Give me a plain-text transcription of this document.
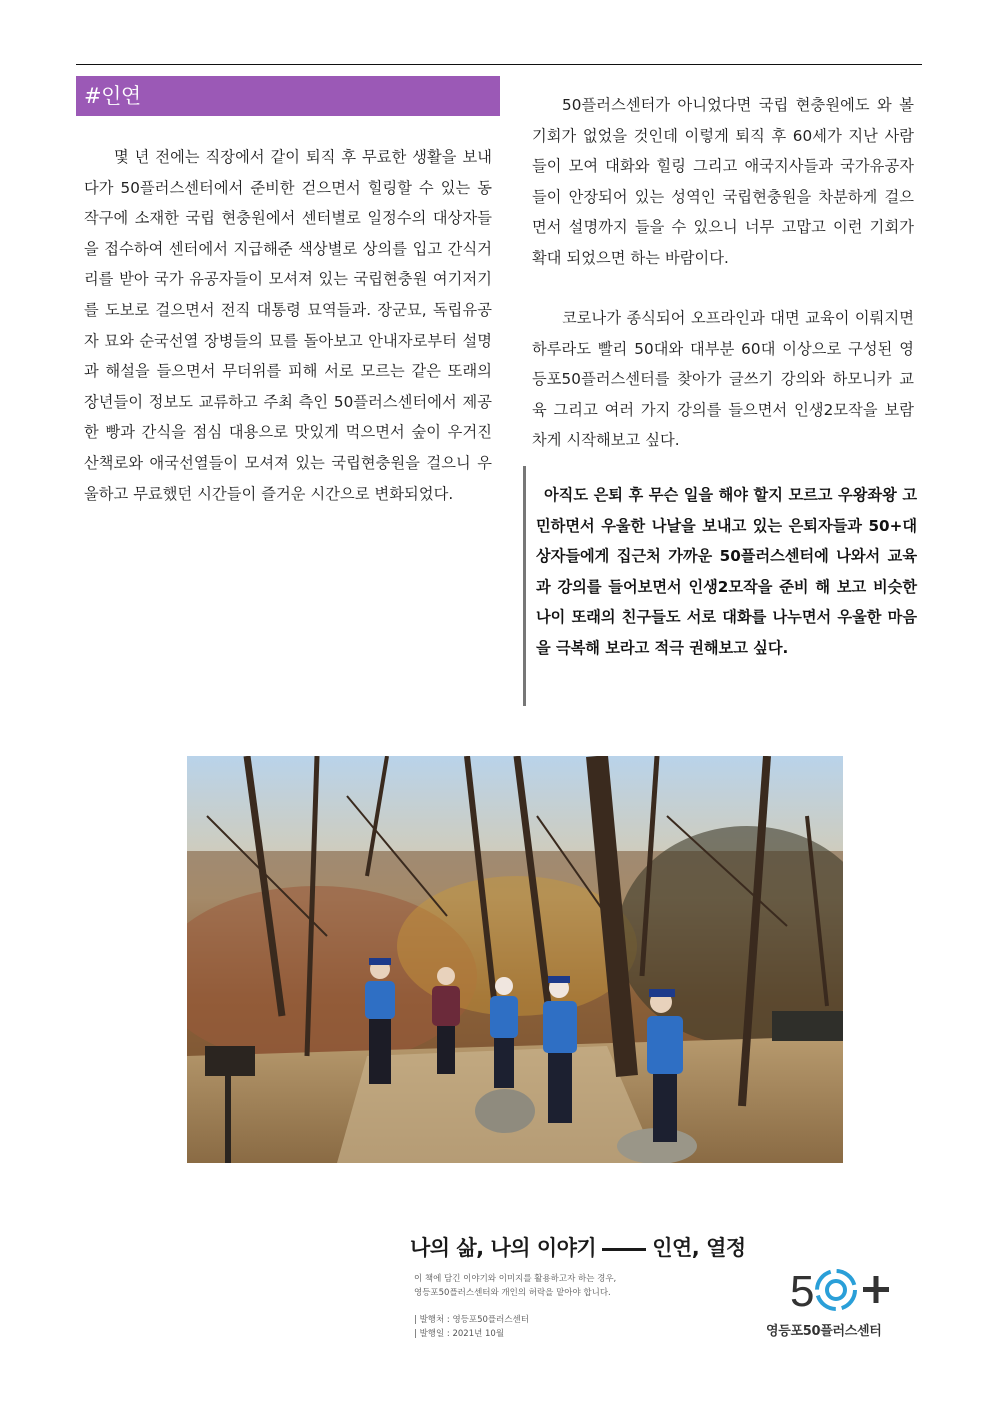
#인연

몇 년 전에는 직장에서 같이 퇴직 후 무료한 생활을 보내다가 50플러스센터에서 준비한 걷으면서 힐링할 수 있는 동작구에 소재한 국립 현충원에서 센터별로 일정수의 대상자들을 접수하여 센터에서 지급해준 색상별로 상의를 입고 간식거리를 받아 국가 유공자들이 모셔져 있는 국립현충원 여기저기를 도보로 걸으면서 전직 대통령 묘역들과. 장군묘, 독립유공자 묘와 순국선열 장병들의 묘를 돌아보고 안내자로부터 설명과 해설을 들으면서 무더위를 피해 서로 모르는 같은 또래의 장년들이 정보도 교류하고 주최 측인 50플러스센터에서 제공한 빵과 간식을 점심 대용으로 맛있게 먹으면서 숲이 우거진 산책로와 애국선열들이 모셔져 있는 국립현충원을 걸으니 우울하고 무료했던 시간들이 즐거운 시간으로 변화되었다.

50플러스센터가 아니었다면 국립 현충원에도 와 볼 기회가 없었을 것인데 이렇게 퇴직 후 60세가 지난 사람들이 모여 대화와 힐링 그리고 애국지사들과 국가유공자들이 안장되어 있는 성역인 국립현충원을 차분하게 걸으면서 설명까지 들을 수 있으니 너무 고맙고 이런 기회가 확대 되었으면 하는 바람이다.

코로나가 종식되어 오프라인과 대면 교육이 이뤄지면 하루라도 빨리 50대와 대부분 60대 이상으로 구성된 영등포50플러스센터를 찾아가 글쓰기 강의와 하모니카 교육 그리고 여러 가지 강의를 들으면서 인생2모작을 보람차게 시작해보고 싶다.

아직도 은퇴 후 무슨 일을 해야 할지 모르고 우왕좌왕 고민하면서 우울한 나날을 보내고 있는 은퇴자들과 50+대상자들에게 집근처 가까운 50플러스센터에 나와서 교육과 강의를 들어보면서 인생2모작을 준비 해 보고 비슷한 나이 또래의 친구들도 서로 대화를 나누면서 우울한 마음을 극복해 보라고 적극 권해보고 싶다.

나의 삶, 나의 이야기	인연, 열정
이 책에 담긴 이야기와 이미지를 활용하고자 하는 경우,
영등포50플러스센터와 개인의 허락을 맡아야 합니다.
| 발행처 : 영등포50플러스센터
| 발행일 : 2021년 10월
5
영등포50플러스센터
